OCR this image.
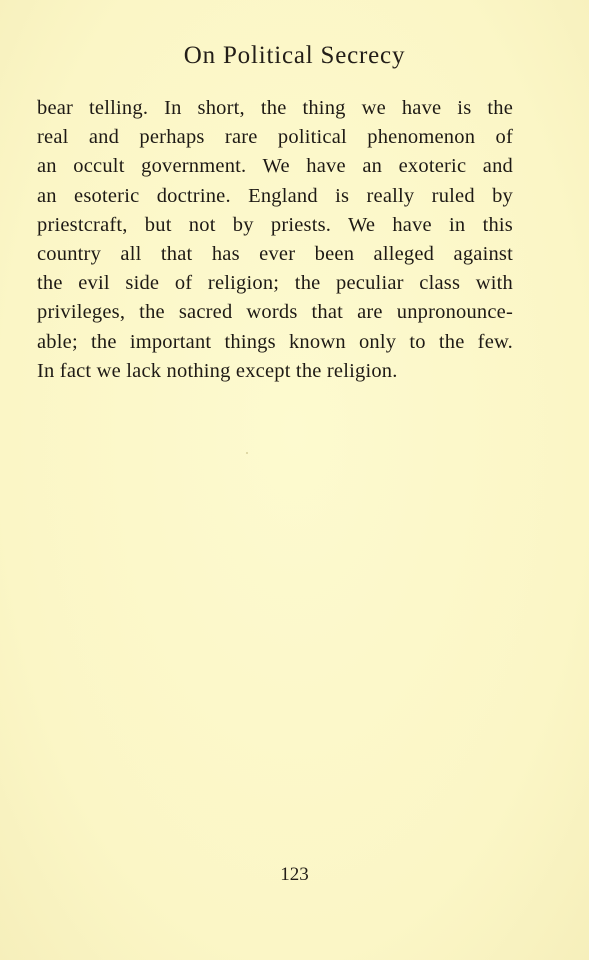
On Political Secrecy
bear telling. In short, the thing we have is the
real and perhaps rare political phenomenon of
an occult government. We have an exoteric and
an esoteric doctrine. England is really ruled by
priestcraft, but not by priests. We have in this
country all that has ever been alleged against
the evil side of religion; the peculiar class with
privileges, the sacred words that are unpronounce-
able; the important things known only to the few.
In fact we lack nothing except the religion.
123
